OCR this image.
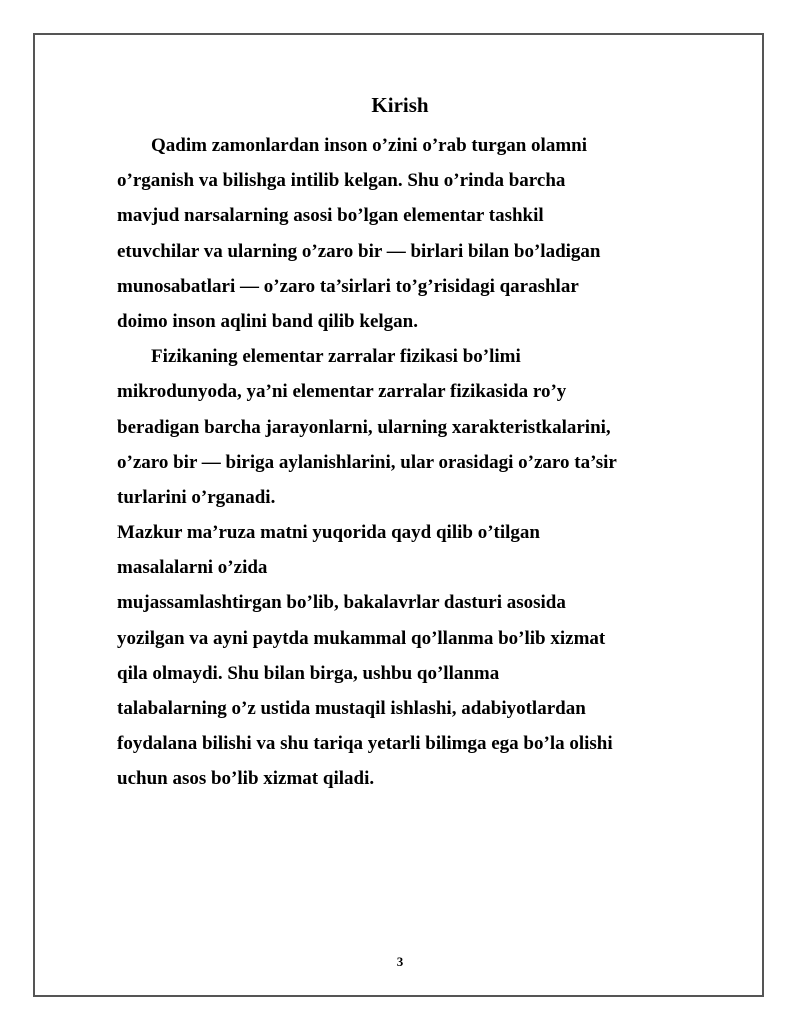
Kirish
Qadim zamonlardan inson o’zini o’rab turgan olamni
o’rganish va bilishga intilib kelgan. Shu o’rinda barcha
mavjud narsalarning asosi bo’lgan elementar tashkil
etuvchilar va ularning o’zaro bir — birlari bilan bo’ladigan
munosabatlari — o’zaro ta’sirlari to’g’risidagi qarashlar
doimo inson aqlini band qilib kelgan.
Fizikaning elementar zarralar fizikasi bo’limi
mikrodunyoda, ya’ni elementar zarralar fizikasida ro’y
beradigan barcha jarayonlarni, ularning xarakteristkalarini,
o’zaro bir — biriga aylanishlarini, ular orasidagi o’zaro ta’sir
turlarini o’rganadi.
Mazkur ma’ruza matni yuqorida qayd qilib o’tilgan
masalalarni o’zida
mujassamlashtirgan bo’lib, bakalavrlar dasturi asosida
yozilgan va ayni paytda mukammal qo’llanma bo’lib xizmat
qila olmaydi. Shu bilan birga, ushbu qo’llanma
talabalarning o’z ustida mustaqil ishlashi, adabiyotlardan
foydalana bilishi va shu tariqa yetarli bilimga ega bo’la olishi
uchun asos bo’lib xizmat qiladi.
3
